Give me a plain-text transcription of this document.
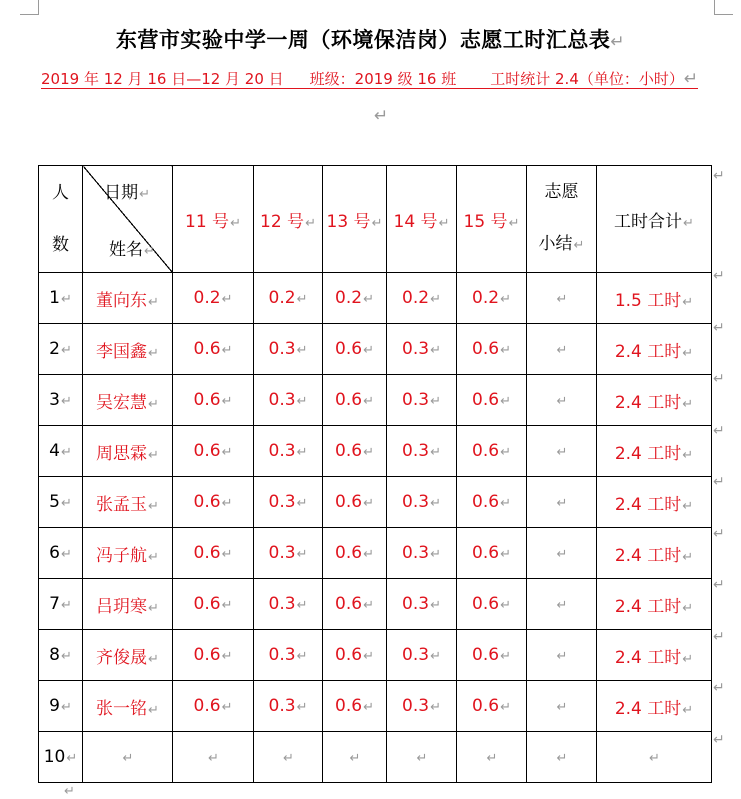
东营市实验中学一周（环境保洁岗）志愿工时汇总表↵
2019 年 12 月 16 日—12 月 20 日 班级：2019 级 16 班 工时统计 2.4（单位：小时）↵
↵
人
数	日期↵
姓名↵	11 号↵	12 号↵	13 号↵	14 号↵	15 号↵	志愿
小结↵	工时合计↵
1↵	董向东↵	0.2↵	0.2↵	0.2↵	0.2↵	0.2↵	↵	1.5 工时↵
2↵	李国鑫↵	0.6↵	0.3↵	0.6↵	0.3↵	0.6↵	↵	2.4 工时↵
3↵	吴宏慧↵	0.6↵	0.3↵	0.6↵	0.3↵	0.6↵	↵	2.4 工时↵
4↵	周思霖↵	0.6↵	0.3↵	0.6↵	0.3↵	0.6↵	↵	2.4 工时↵
5↵	张孟玉↵	0.6↵	0.3↵	0.6↵	0.3↵	0.6↵	↵	2.4 工时↵
6↵	冯子航↵	0.6↵	0.3↵	0.6↵	0.3↵	0.6↵	↵	2.4 工时↵
7↵	吕玥寒↵	0.6↵	0.3↵	0.6↵	0.3↵	0.6↵	↵	2.4 工时↵
8↵	齐俊晟↵	0.6↵	0.3↵	0.6↵	0.3↵	0.6↵	↵	2.4 工时↵
9↵	张一铭↵	0.6↵	0.3↵	0.6↵	0.3↵	0.6↵	↵	2.4 工时↵
10↵	↵	↵	↵	↵	↵	↵	↵	↵
↵
↵
↵
↵
↵
↵
↵
↵
↵
↵
↵
↵
